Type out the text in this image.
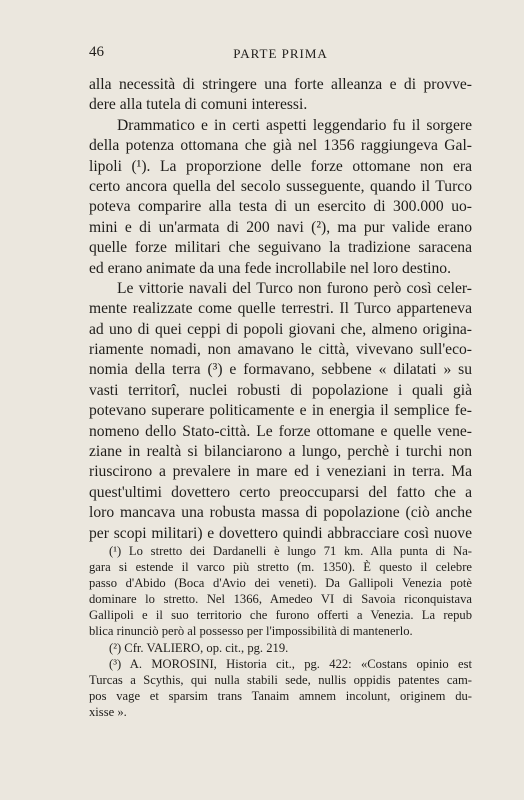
46	PARTE PRIMA
alla necessità di stringere una forte alleanza e di provve-
dere alla tutela di comuni interessi.
Drammatico e in certi aspetti leggendario fu il sorgere
della potenza ottomana che già nel 1356 raggiungeva Gal-
lipoli (¹). La proporzione delle forze ottomane non era
certo ancora quella del secolo susseguente, quando il Turco
poteva comparire alla testa di un esercito di 300.000 uo-
mini e di un'armata di 200 navi (²), ma pur valide erano
quelle forze militari che seguivano la tradizione saracena
ed erano animate da una fede incrollabile nel loro destino.
Le vittorie navali del Turco non furono però così celer-
mente realizzate come quelle terrestri. Il Turco apparteneva
ad uno di quei ceppi di popoli giovani che, almeno origina-
riamente nomadi, non amavano le città, vivevano sull'eco-
nomia della terra (³) e formavano, sebbene « dilatati » su
vasti territorî, nuclei robusti di popolazione i quali già
potevano superare politicamente e in energia il semplice fe-
nomeno dello Stato-città. Le forze ottomane e quelle vene-
ziane in realtà si bilanciarono a lungo, perchè i turchi non
riuscirono a prevalere in mare ed i veneziani in terra. Ma
quest'ultimi dovettero certo preoccuparsi del fatto che a
loro mancava una robusta massa di popolazione (ciò anche
per scopi militari) e dovettero quindi abbracciare così nuove
(¹) Lo stretto dei Dardanelli è lungo 71 km. Alla punta di Na-
gara si estende il varco più stretto (m. 1350). È questo il celebre
passo d'Abido (Boca d'Avio dei veneti). Da Gallipoli Venezia potè
dominare lo stretto. Nel 1366, Amedeo VI di Savoia riconquistava
Gallipoli e il suo territorio che furono offerti a Venezia. La repub
blica rinunciò però al possesso per l'impossibilità di mantenerlo.
(²) Cfr. VALIERO, op. cit., pg. 219.
(³) A. MOROSINI, Historia cit., pg. 422: «Costans opinio est
Turcas a Scythis, qui nulla stabili sede, nullis oppidis patentes cam-
pos vage et sparsim trans Tanaim amnem incolunt, originem du-
xisse ».
